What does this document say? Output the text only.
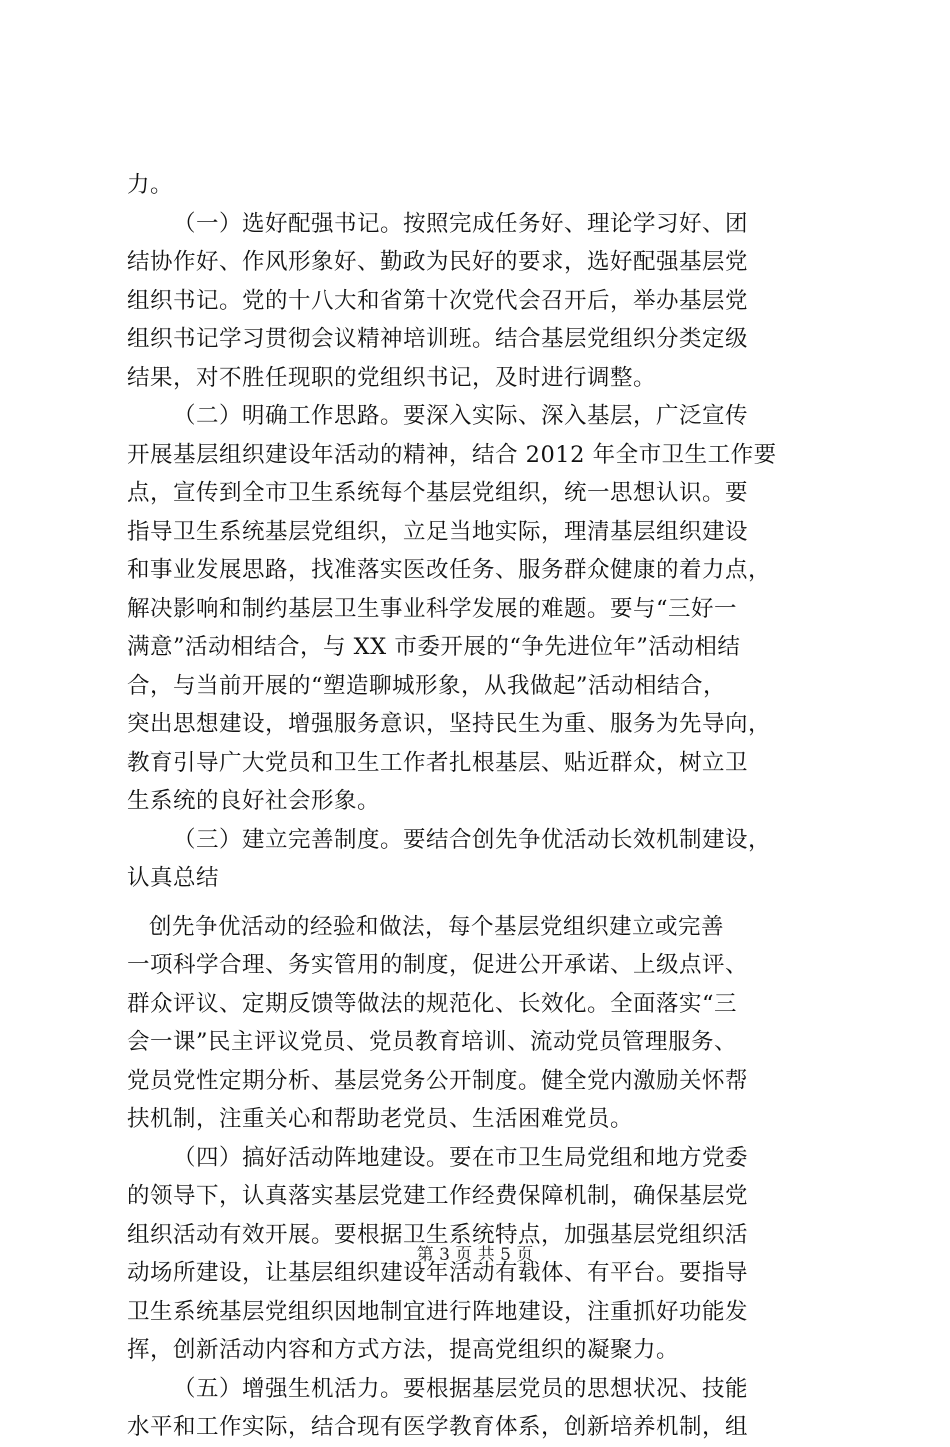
力。
（一）选好配强书记。按照完成任务好、理论学习好、团
结协作好、作风形象好、勤政为民好的要求，选好配强基层党
组织书记。党的十八大和省第十次党代会召开后，举办基层党
组织书记学习贯彻会议精神培训班。结合基层党组织分类定级
结果，对不胜任现职的党组织书记，及时进行调整。
（二）明确工作思路。要深入实际、深入基层，广泛宣传
开展基层组织建设年活动的精神，结合 2012 年全市卫生工作要
点，宣传到全市卫生系统每个基层党组织，统一思想认识。要
指导卫生系统基层党组织，立足当地实际，理清基层组织建设
和事业发展思路，找准落实医改任务、服务群众健康的着力点，
解决影响和制约基层卫生事业科学发展的难题。要与“三好一
满意”活动相结合，与 XX 市委开展的“争先进位年”活动相结
合，与当前开展的“塑造聊城形象，从我做起”活动相结合，
突出思想建设，增强服务意识，坚持民生为重、服务为先导向，
教育引导广大党员和卫生工作者扎根基层、贴近群众，树立卫
生系统的良好社会形象。
（三）建立完善制度。要结合创先争优活动长效机制建设，
认真总结
创先争优活动的经验和做法，每个基层党组织建立或完善
一项科学合理、务实管用的制度，促进公开承诺、上级点评、
群众评议、定期反馈等做法的规范化、长效化。全面落实“三
会一课”民主评议党员、党员教育培训、流动党员管理服务、
党员党性定期分析、基层党务公开制度。健全党内激励关怀帮
扶机制，注重关心和帮助老党员、生活困难党员。
（四）搞好活动阵地建设。要在市卫生局党组和地方党委
的领导下，认真落实基层党建工作经费保障机制，确保基层党
组织活动有效开展。要根据卫生系统特点，加强基层党组织活
动场所建设，让基层组织建设年活动有载体、有平台。要指导
卫生系统基层党组织因地制宜进行阵地建设，注重抓好功能发
挥，创新活动内容和方式方法，提高党组织的凝聚力。
（五）增强生机活力。要根据基层党员的思想状况、技能
水平和工作实际，结合现有医学教育体系，创新培养机制，组
第 3 页 共 5 页
